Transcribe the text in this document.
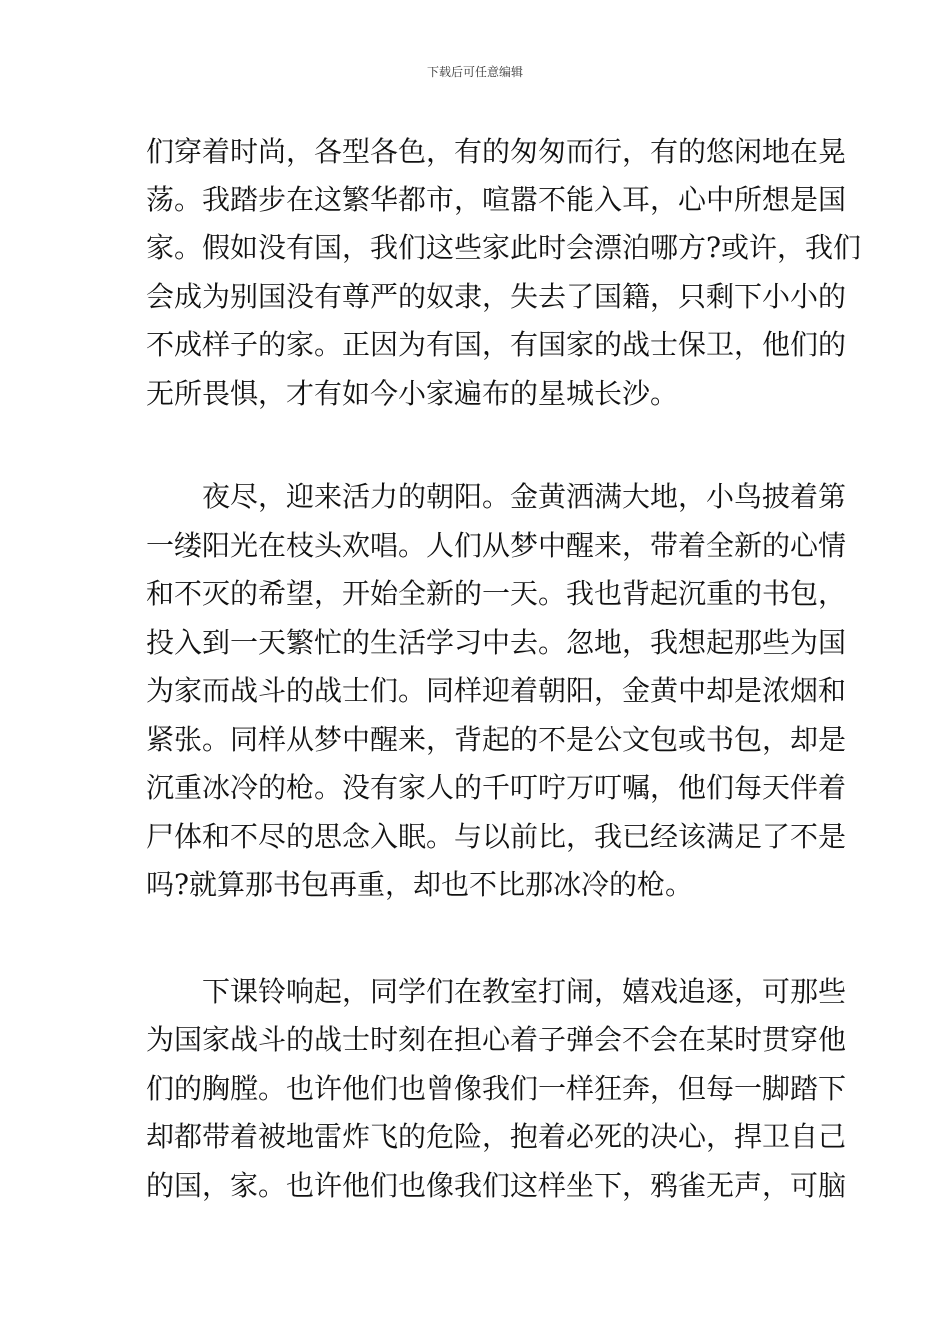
下载后可任意编辑
们穿着时尚，各型各色，有的匆匆而行，有的悠闲地在晃
荡。我踏步在这繁华都市，喧嚣不能入耳，心中所想是国
家。假如没有国，我们这些家此时会漂泊哪方?或许，我们
会成为别国没有尊严的奴隶，失去了国籍，只剩下小小的
不成样子的家。正因为有国，有国家的战士保卫，他们的
无所畏惧，才有如今小家遍布的星城长沙。
夜尽，迎来活力的朝阳。金黄洒满大地，小鸟披着第
一缕阳光在枝头欢唱。人们从梦中醒来，带着全新的心情
和不灭的希望，开始全新的一天。我也背起沉重的书包，
投入到一天繁忙的生活学习中去。忽地，我想起那些为国
为家而战斗的战士们。同样迎着朝阳，金黄中却是浓烟和
紧张。同样从梦中醒来，背起的不是公文包或书包，却是
沉重冰冷的枪。没有家人的千叮咛万叮嘱，他们每天伴着
尸体和不尽的思念入眠。与以前比，我已经该满足了不是
吗?就算那书包再重，却也不比那冰冷的枪。
下课铃响起，同学们在教室打闹，嬉戏追逐，可那些
为国家战斗的战士时刻在担心着子弹会不会在某时贯穿他
们的胸膛。也许他们也曾像我们一样狂奔，但每一脚踏下
却都带着被地雷炸飞的危险，抱着必死的决心，捍卫自己
的国，家。也许他们也像我们这样坐下，鸦雀无声，可脑
